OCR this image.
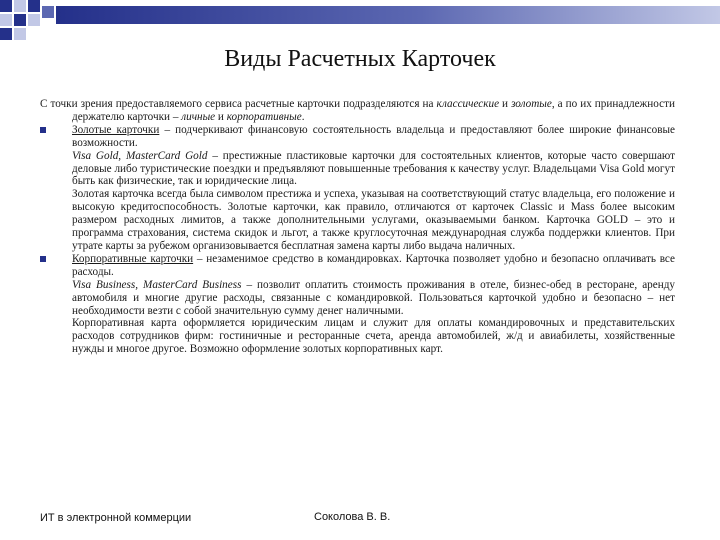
Виды Расчетных Карточек

С точки зрения предоставляемого сервиса расчетные карточки подразделяются на классические и золотые, а по их принадлежности держателю карточки – личные и корпоративные.

Золотые карточки – подчеркивают финансовую состоятельность владельца и предоставляют более широкие финансовые возможности.

Visa Gold, MasterCard Gold – престижные пластиковые карточки для состоятельных клиентов, которые часто совершают деловые либо туристические поездки и предъявляют повышенные требования к качеству услуг. Владельцами Visa Gold могут быть как физические, так и юридические лица.

Золотая карточка всегда была символом престижа и успеха, указывая на соответствующий статус владельца, его положение и высокую кредитоспособность. Золотые карточки, как правило, отличаются от карточек Classic и Mass более высоким размером расходных лимитов, а также дополнительными услугами, оказываемыми банком. Карточка GOLD – это и программа страхования, система скидок и льгот, а также круглосуточная международная служба поддержки клиентов. При утрате карты за рубежом организовывается бесплатная замена карты либо выдача наличных.

Корпоративные карточки – незаменимое средство в командировках. Карточка позволяет удобно и безопасно оплачивать все расходы.

Visa Business, MasterCard Business – позволит оплатить стоимость проживания в отеле, бизнес-обед в ресторане, аренду автомобиля и многие другие расходы, связанные с командировкой. Пользоваться карточкой удобно и безопасно – нет необходимости везти с собой значительную сумму денег наличными.

Корпоративная карта оформляется юридическим лицам и служит для оплаты командировочных и представительских расходов сотрудников фирм: гостиничные и ресторанные счета, аренда автомобилей, ж/д и авиабилеты, хозяйственные нужды и многое другое. Возможно оформление золотых корпоративных карт.

ИТ в электронной коммерции	Соколова В. В.
